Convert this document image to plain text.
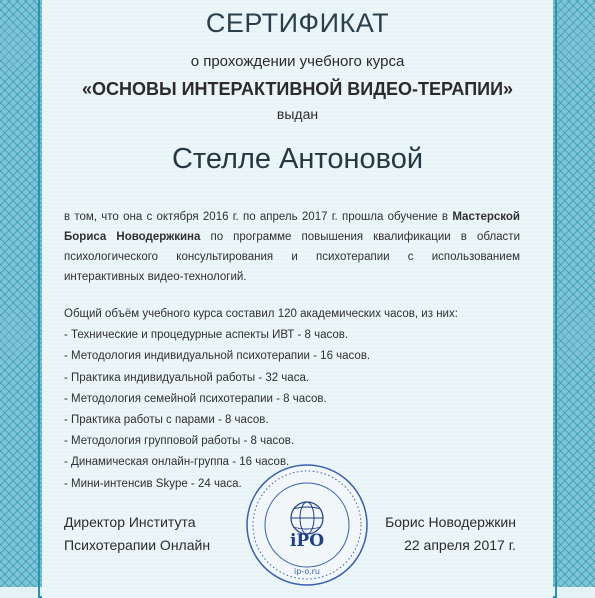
СЕРТИФИКАТ
о прохождении учебного курса
«ОСНОВЫ ИНТЕРАКТИВНОЙ ВИДЕО-ТЕРАПИИ»
выдан
Стелле Антоновой
в том, что она с октября 2016 г. по апрель 2017 г. прошла обучение в Мастерской Бориса Новодержкина по программе повышения квалификации в области психологического консультирования и психотерапии с использованием интерактивных видео-технологий.
Общий объём учебного курса составил 120 академических часов, из них:
- Технические и процедурные аспекты ИВТ - 8 часов.
- Методология индивидуальной психотерапии - 16 часов.
- Практика индивидуальной работы - 32 часа.
- Методология семейной психотерапии - 8 часов.
- Практика работы с парами - 8 часов.
- Методология групповой работы - 8 часов.
- Динамическая онлайн-группа - 16 часов.
- Мини-интенсив Skype - 24 часа.
Директор Института
Психотерапии Онлайн	iPO
ip-o.ru
Борис Новодержкин
22 апреля 2017 г.
